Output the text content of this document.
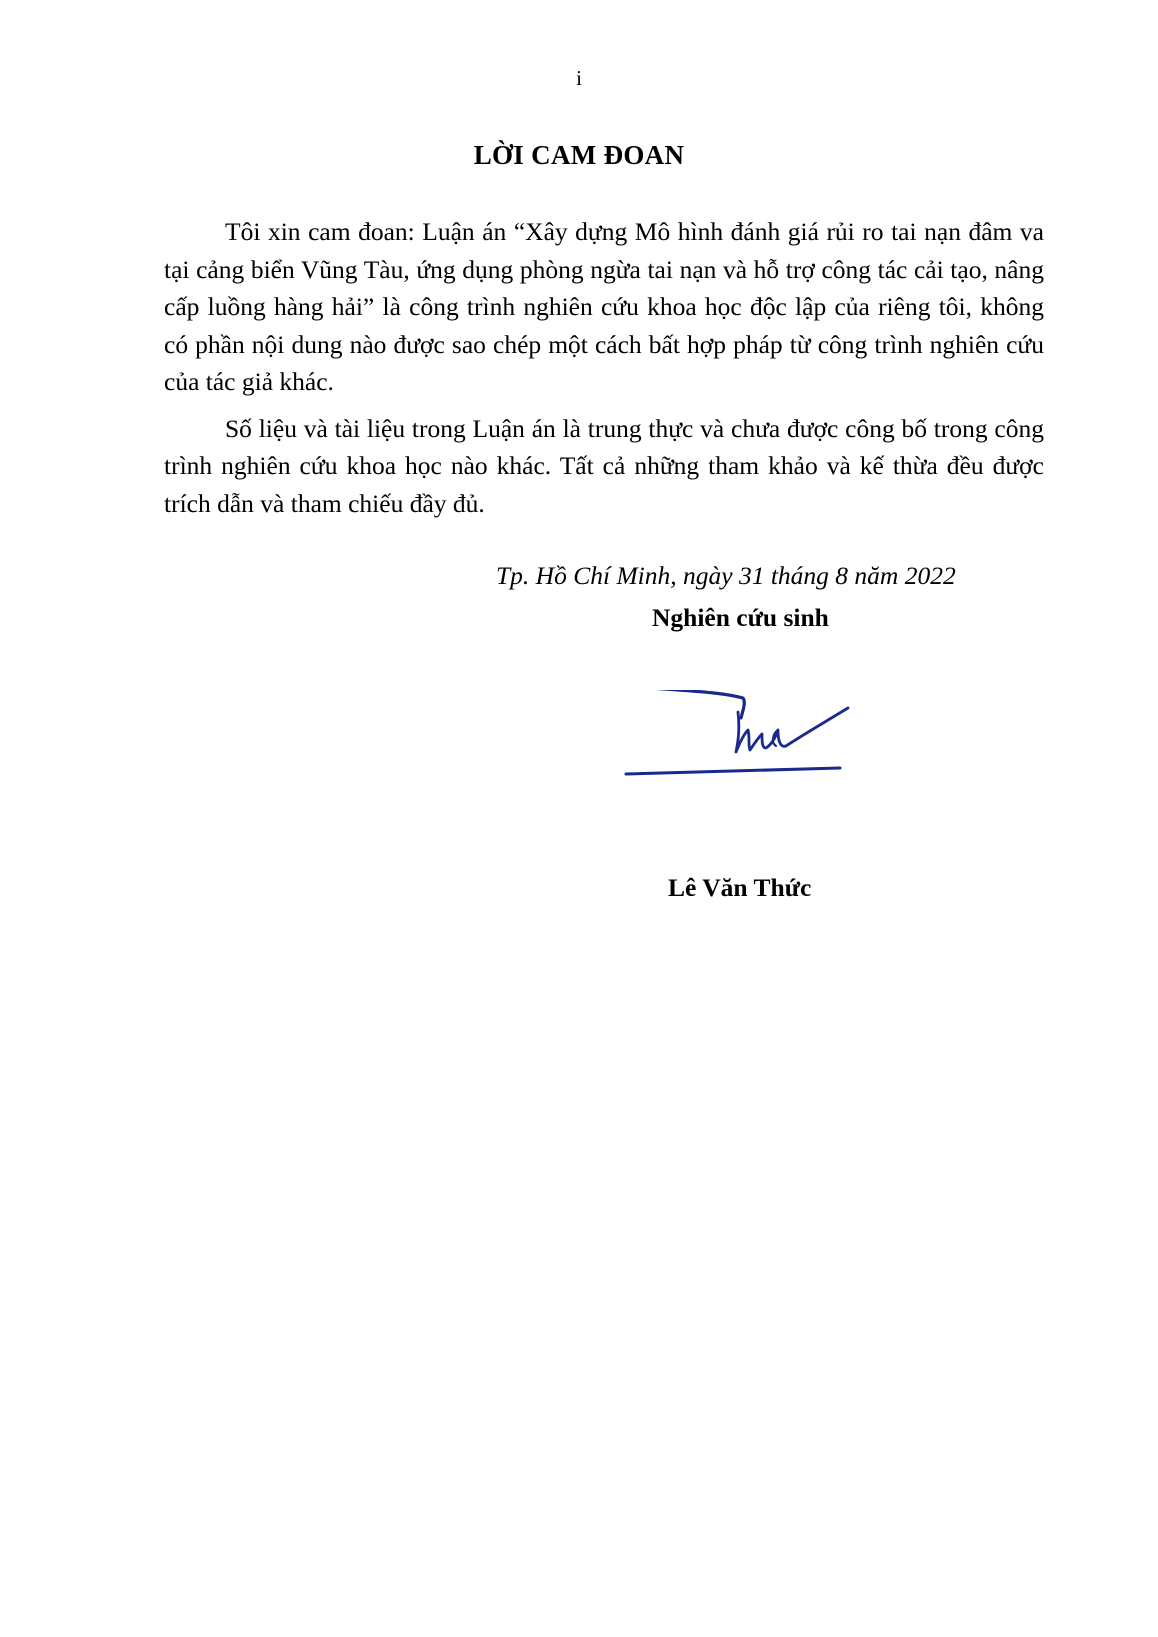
i
LỜI CAM ĐOAN

Tôi xin cam đoan: Luận án “Xây dựng Mô hình đánh giá rủi ro tai nạn đâm va tại cảng biển Vũng Tàu, ứng dụng phòng ngừa tai nạn và hỗ trợ công tác cải tạo, nâng cấp luồng hàng hải” là công trình nghiên cứu khoa học độc lập của riêng tôi, không có phần nội dung nào được sao chép một cách bất hợp pháp từ công trình nghiên cứu của tác giả khác.

Số liệu và tài liệu trong Luận án là trung thực và chưa được công bố trong công trình nghiên cứu khoa học nào khác. Tất cả những tham khảo và kế thừa đều được trích dẫn và tham chiếu đầy đủ.

Tp. Hồ Chí Minh, ngày 31 tháng 8 năm 2022
Nghiên cứu sinh
Lê Văn Thức
